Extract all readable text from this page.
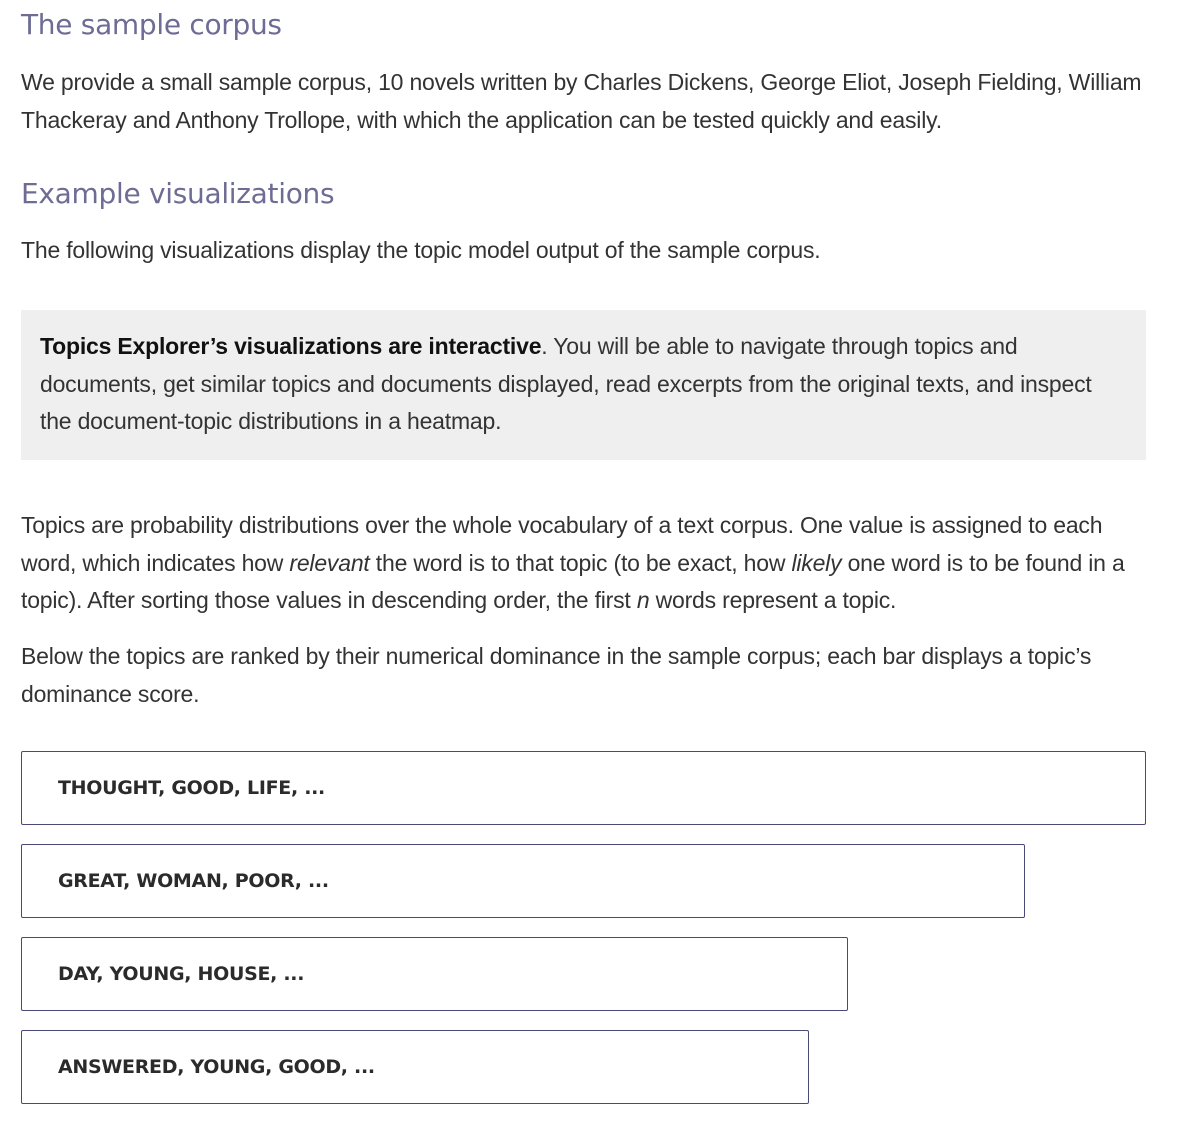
The sample corpus

We provide a small sample corpus, 10 novels written by Charles Dickens, George Eliot, Joseph Fielding, William Thackeray and Anthony Trollope, with which the application can be tested quickly and easily.

Example visualizations

The following visualizations display the topic model output of the sample corpus.

Topics Explorer’s visualizations are interactive. You will be able to navigate through topics and documents, get similar topics and documents displayed, read excerpts from the original texts, and inspect the document-topic distributions in a heatmap.

Topics are probability distributions over the whole vocabulary of a text corpus. One value is assigned to each word, which indicates how relevant the word is to that topic (to be exact, how likely one word is to be found in a topic). After sorting those values in descending order, the first n words represent a topic.

Below the topics are ranked by their numerical dominance in the sample corpus; each bar displays a topic’s dominance score.

THOUGHT, GOOD, LIFE, ...
GREAT, WOMAN, POOR, ...
DAY, YOUNG, HOUSE, ...
ANSWERED, YOUNG, GOOD, ...
